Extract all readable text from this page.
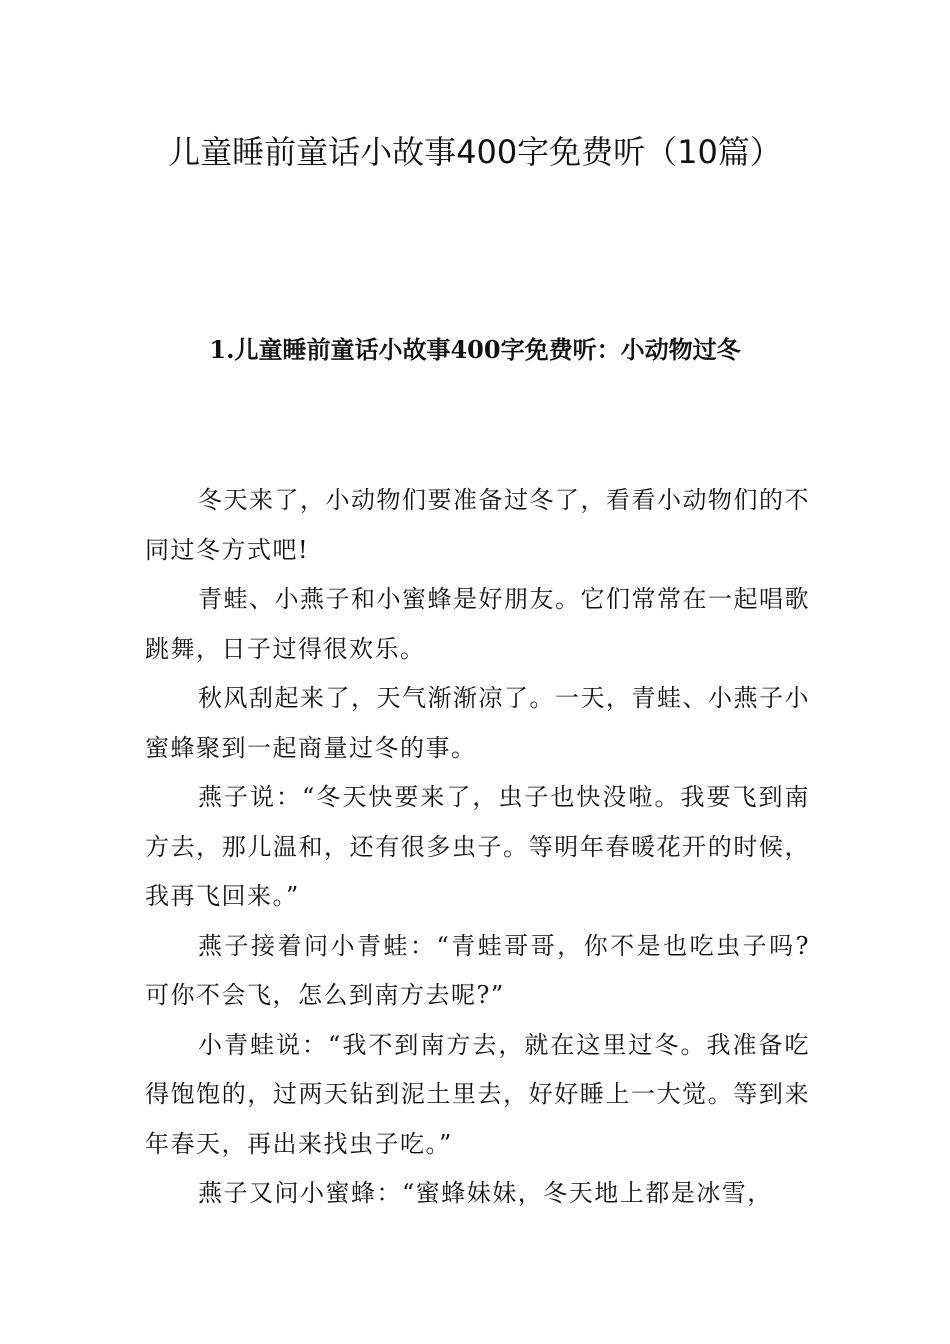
儿童睡前童话小故事400字免费听（10篇）
1.儿童睡前童话小故事400字免费听：小动物过冬

冬天来了，小动物们要准备过冬了，看看小动物们的不同过冬方式吧!

青蛙、小燕子和小蜜蜂是好朋友。它们常常在一起唱歌跳舞，日子过得很欢乐。

秋风刮起来了，天气渐渐凉了。一天，青蛙、小燕子小蜜蜂聚到一起商量过冬的事。

燕子说：“冬天快要来了，虫子也快没啦。我要飞到南方去，那儿温和，还有很多虫子。等明年春暖花开的时候，我再飞回来。”

燕子接着问小青蛙：“青蛙哥哥，你不是也吃虫子吗?可你不会飞，怎么到南方去呢?”

小青蛙说：“我不到南方去，就在这里过冬。我准备吃得饱饱的，过两天钻到泥土里去，好好睡上一大觉。等到来年春天，再出来找虫子吃。”

燕子又问小蜜蜂：“蜜蜂妹妹，冬天地上都是冰雪，
